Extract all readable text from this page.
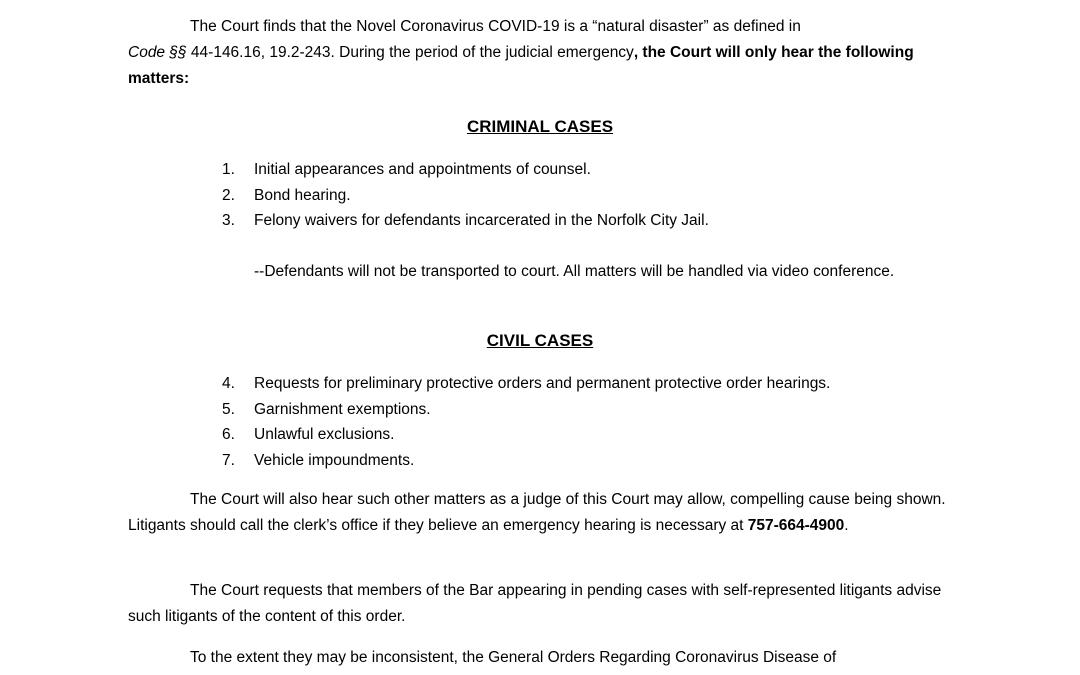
The Court finds that the Novel Coronavirus COVID-19 is a “natural disaster” as defined in
Code §§ 44-146.16, 19.2-243. During the period of the judicial emergency, the Court will only hear the following matters:

CRIMINAL CASES
1.	Initial appearances and appointments of counsel.
2.	Bond hearing.
3.	Felony waivers for defendants incarcerated in the Norfolk City Jail.

--Defendants will not be transported to court. All matters will be handled via video conference.

CIVIL CASES
4.	Requests for preliminary protective orders and permanent protective order hearings.
5.	Garnishment exemptions.
6.	Unlawful exclusions.
7.	Vehicle impoundments.

The Court will also hear such other matters as a judge of this Court may allow, compelling cause being shown. Litigants should call the clerk’s office if they believe an emergency hearing is necessary at 757-664-4900.

The Court requests that members of the Bar appearing in pending cases with self-represented litigants advise such litigants of the content of this order.

To the extent they may be inconsistent, the General Orders Regarding Coronavirus Disease of
